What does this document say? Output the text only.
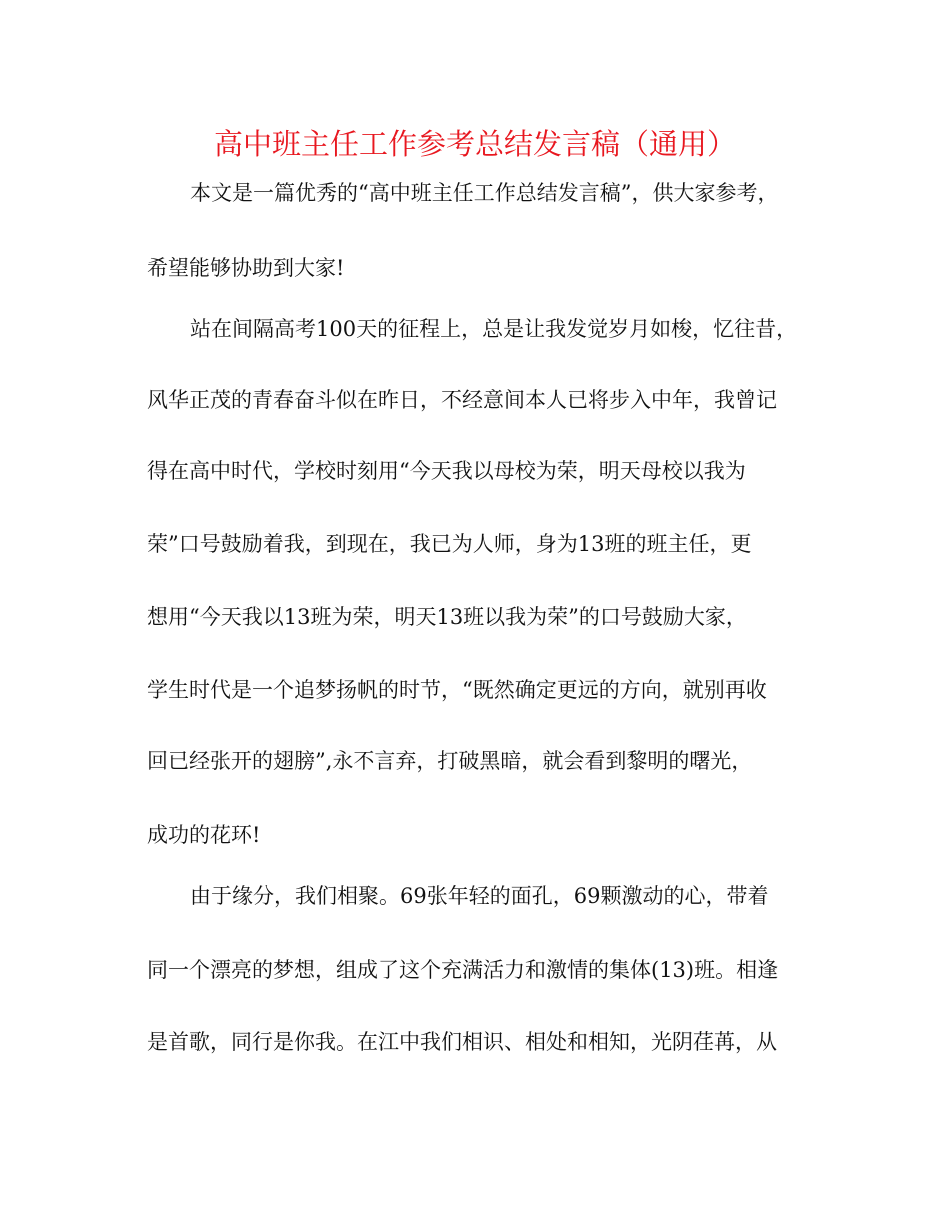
高中班主任工作参考总结发言稿（通用）
本文是一篇优秀的“高中班主任工作总结发言稿”，供大家参考，
希望能够协助到大家!
站在间隔高考100天的征程上，总是让我发觉岁月如梭，忆往昔，
风华正茂的青春奋斗似在昨日，不经意间本人已将步入中年，我曾记
得在高中时代，学校时刻用“今天我以母校为荣，明天母校以我为
荣”口号鼓励着我，到现在，我已为人师，身为13班的班主任，更
想用“今天我以13班为荣，明天13班以我为荣”的口号鼓励大家，
学生时代是一个追梦扬帆的时节，“既然确定更远的方向，就别再收
回已经张开的翅膀”,永不言弃，打破黑暗，就会看到黎明的曙光，
成功的花环!
由于缘分，我们相聚。69张年轻的面孔，69颗激动的心，带着
同一个漂亮的梦想，组成了这个充满活力和激情的集体(13)班。相逢
是首歌，同行是你我。在江中我们相识、相处和相知，光阴荏苒，从
